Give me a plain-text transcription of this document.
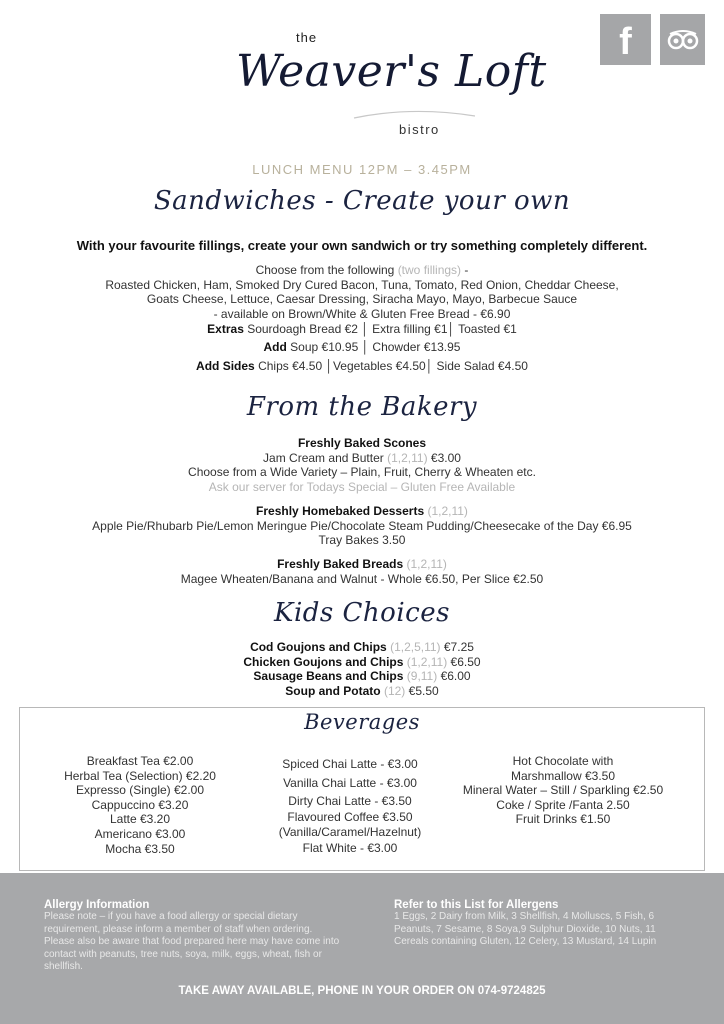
f
the
Weaver's Loft
bistro
LUNCH MENU 12PM – 3.45PM
Sandwiches - Create your own
With your favourite fillings, create your own sandwich or try something completely different.
Choose from the following (two fillings) -
Roasted Chicken, Ham, Smoked Dry Cured Bacon, Tuna, Tomato, Red Onion, Cheddar Cheese,
Goats Cheese, Lettuce, Caesar Dressing, Siracha Mayo, Mayo, Barbecue Sauce
- available on Brown/White & Gluten Free Bread - €6.90
Extras Sourdoagh Bread €2 │ Extra filling €1│ Toasted €1
Add Soup €10.95 │ Chowder €13.95
Add Sides Chips €4.50 │Vegetables €4.50│ Side Salad €4.50
From the Bakery
Freshly Baked Scones
Jam Cream and Butter (1,2,11) €3.00
Choose from a Wide Variety – Plain, Fruit, Cherry & Wheaten etc.
Ask our server for Todays Special – Gluten Free Available
Freshly Homebaked Desserts (1,2,11)
Apple Pie/Rhubarb Pie/Lemon Meringue Pie/Chocolate Steam Pudding/Cheesecake of the Day €6.95
Tray Bakes 3.50
Freshly Baked Breads (1,2,11)
Magee Wheaten/Banana and Walnut - Whole €6.50, Per Slice €2.50
Kids Choices
Cod Goujons and Chips (1,2,5,11) €7.25
Chicken Goujons and Chips (1,2,11) €6.50
Sausage Beans and Chips (9,11) €6.00
Soup and Potato (12) €5.50
Beverages
Breakfast Tea €2.00
Herbal Tea (Selection) €2.20
Expresso (Single) €2.00
Cappuccino €3.20
Latte €3.20
Americano €3.00
Mocha €3.50
Spiced Chai Latte - €3.00
Vanilla Chai Latte - €3.00
Dirty Chai Latte - €3.50
Flavoured Coffee €3.50
(Vanilla/Caramel/Hazelnut)
Flat White - €3.00
Hot Chocolate with
Marshmallow €3.50
Mineral Water – Still / Sparkling €2.50
Coke / Sprite /Fanta 2.50
Fruit Drinks €1.50
Allergy Information
Please note – if you have a food allergy or special dietary requirement, please inform a member of staff when ordering. Please also be aware that food prepared here may have come into contact with peanuts, tree nuts, soya, milk, eggs, wheat, fish or shellfish.
Refer to this List for Allergens
1 Eggs, 2 Dairy from Milk, 3 Shellfish, 4 Molluscs, 5 Fish, 6 Peanuts, 7 Sesame, 8 Soya,9 Sulphur Dioxide, 10 Nuts, 11 Cereals containing Gluten, 12 Celery, 13 Mustard, 14 Lupin
TAKE AWAY AVAILABLE, PHONE IN YOUR ORDER ON 074-9724825
